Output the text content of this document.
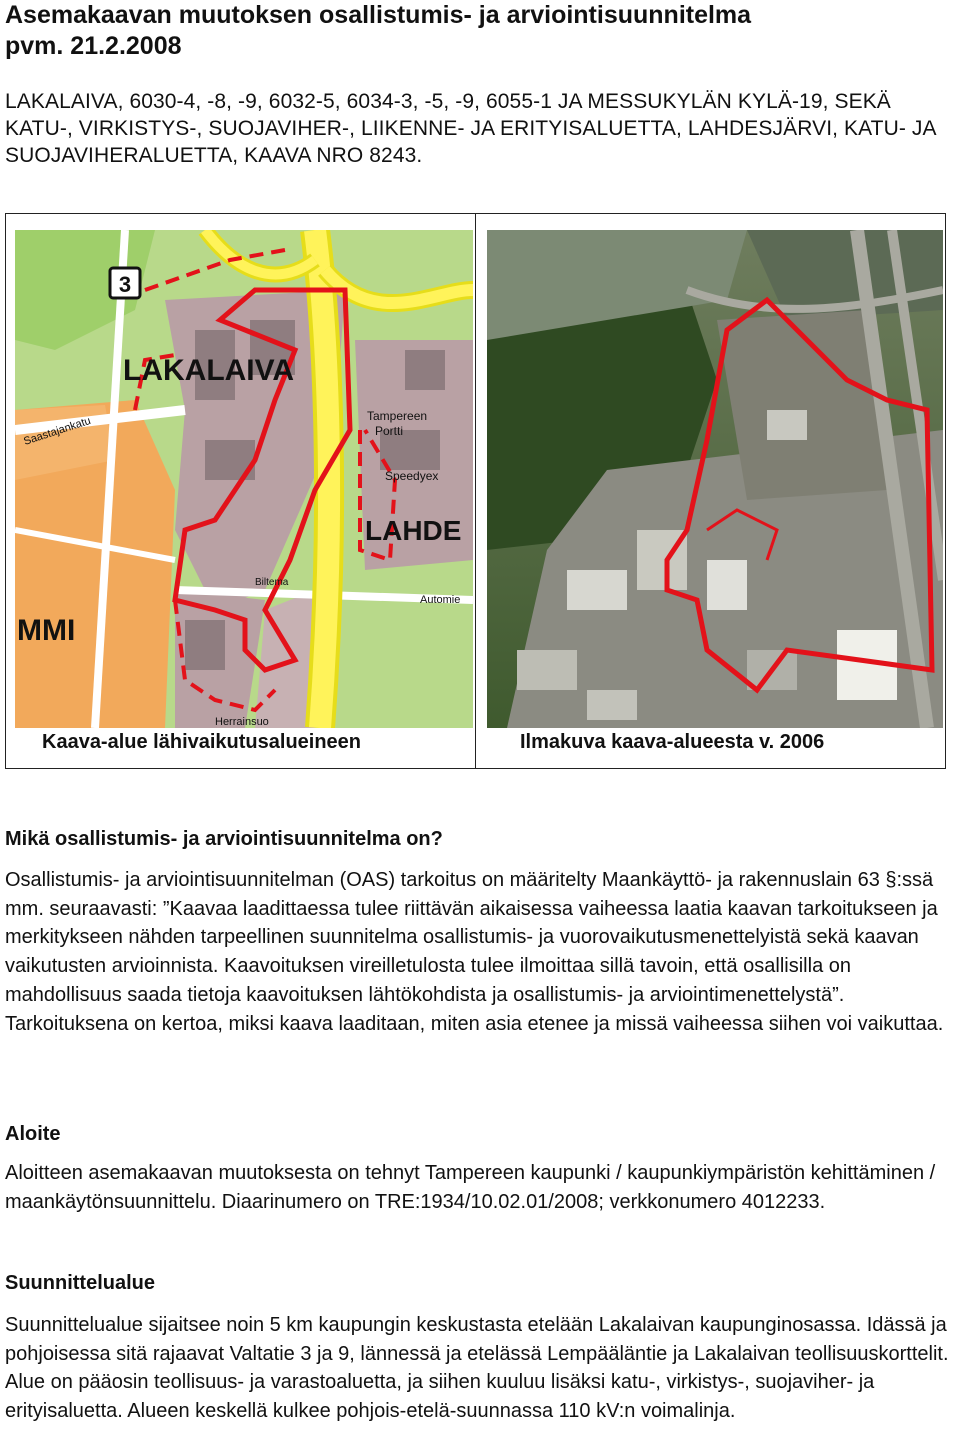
Asemakaavan muutoksen osallistumis- ja arviointisuunnitelma
pvm. 21.2.2008

LAKALAIVA, 6030-4, -8, -9, 6032-5, 6034-3, -5, -9, 6055-1 JA MESSUKYLÄN KYLÄ-19, SEKÄ KATU-, VIRKISTYS-, SUOJAVIHER-, LIIKENNE- JA ERITYISALUETTA, LAHDESJÄRVI, KATU- JA SUOJAVIHERALUETTA, KAAVA NRO 8243.

3
LAKALAIVA
LAHDE
MMI
Tampereen
Portti
Speedyex
Biltema
Saastajankatu
Herrainsuo
Automie
Kaava-alue lähivaikutusalueineen	Ilmakuva kaava-alueesta v. 2006
Mikä osallistumis- ja arviointisuunnitelma on?

Osallistumis- ja arviointisuunnitelman (OAS) tarkoitus on määritelty Maankäyttö- ja rakennuslain 63 §:ssä mm. seuraavasti: ”Kaavaa laadittaessa tulee riittävän aikaisessa vaiheessa laatia kaavan tarkoitukseen ja merkitykseen nähden tarpeellinen suunnitelma osallistumis- ja vuorovaikutusmenettelyistä sekä kaavan vaikutusten arvioinnista. Kaavoituksen vireilletulosta tulee ilmoittaa sillä tavoin, että osallisilla on mahdollisuus saada tietoja kaavoituksen lähtökohdista ja osallistumis- ja arviointimenettelystä”. Tarkoituksena on kertoa, miksi kaava laaditaan, miten asia etenee ja missä vaiheessa siihen voi vaikuttaa.

Aloite

Aloitteen asemakaavan muutoksesta on tehnyt Tampereen kaupunki / kaupunkiympäristön kehittäminen / maankäytönsuunnittelu. Diaarinumero on TRE:1934/10.02.01/2008; verkkonumero 4012233.

Suunnittelualue

Suunnittelualue sijaitsee noin 5 km kaupungin keskustasta etelään Lakalaivan kaupunginosassa. Idässä ja pohjoisessa sitä rajaavat Valtatie 3 ja 9, lännessä ja etelässä Lempääläntie ja Lakalaivan teollisuuskorttelit. Alue on pääosin teollisuus- ja varastoaluetta, ja siihen kuuluu lisäksi katu-, virkistys-, suojaviher- ja erityisaluetta. Alueen keskellä kulkee pohjois-etelä-suunnassa 110 kV:n voimalinja.
